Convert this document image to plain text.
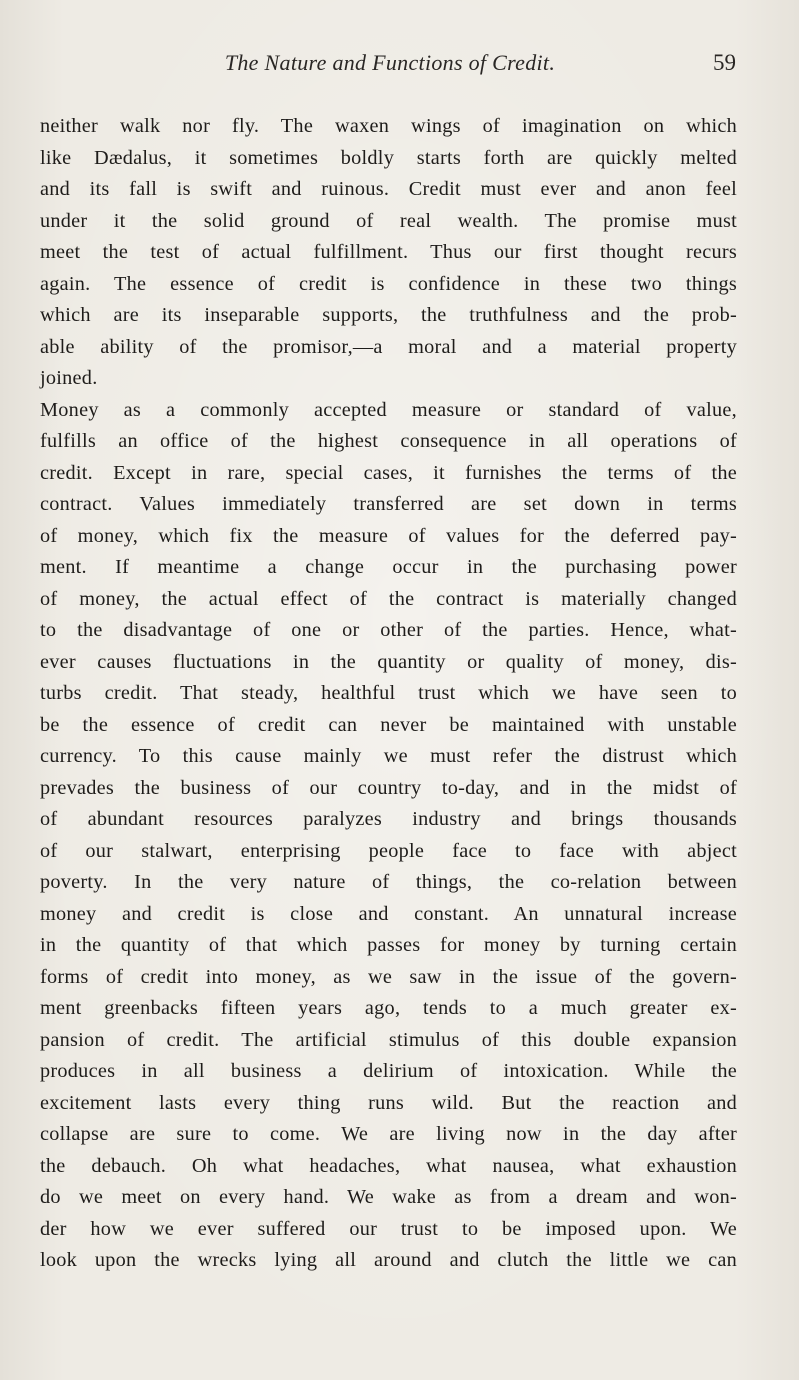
The Nature and Functions of Credit.	59
neither walk nor fly. The waxen wings of imagination on which
like Dædalus, it sometimes boldly starts forth are quickly melted
and its fall is swift and ruinous. Credit must ever and anon feel
under it the solid ground of real wealth. The promise must
meet the test of actual fulfillment. Thus our first thought recurs
again. The essence of credit is confidence in these two things
which are its inseparable supports, the truthfulness and the prob-
able ability of the promisor,—a moral and a material property
joined.
Money as a commonly accepted measure or standard of value,
fulfills an office of the highest consequence in all operations of
credit. Except in rare, special cases, it furnishes the terms of the
contract. Values immediately transferred are set down in terms
of money, which fix the measure of values for the deferred pay-
ment. If meantime a change occur in the purchasing power
of money, the actual effect of the contract is materially changed
to the disadvantage of one or other of the parties. Hence, what-
ever causes fluctuations in the quantity or quality of money, dis-
turbs credit. That steady, healthful trust which we have seen to
be the essence of credit can never be maintained with unstable
currency. To this cause mainly we must refer the distrust which
prevades the business of our country to-day, and in the midst of
of abundant resources paralyzes industry and brings thousands
of our stalwart, enterprising people face to face with abject
poverty. In the very nature of things, the co-relation between
money and credit is close and constant. An unnatural increase
in the quantity of that which passes for money by turning certain
forms of credit into money, as we saw in the issue of the govern-
ment greenbacks fifteen years ago, tends to a much greater ex-
pansion of credit. The artificial stimulus of this double expansion
produces in all business a delirium of intoxication. While the
excitement lasts every thing runs wild. But the reaction and
collapse are sure to come. We are living now in the day after
the debauch. Oh what headaches, what nausea, what exhaustion
do we meet on every hand. We wake as from a dream and won-
der how we ever suffered our trust to be imposed upon. We
look upon the wrecks lying all around and clutch the little we can
